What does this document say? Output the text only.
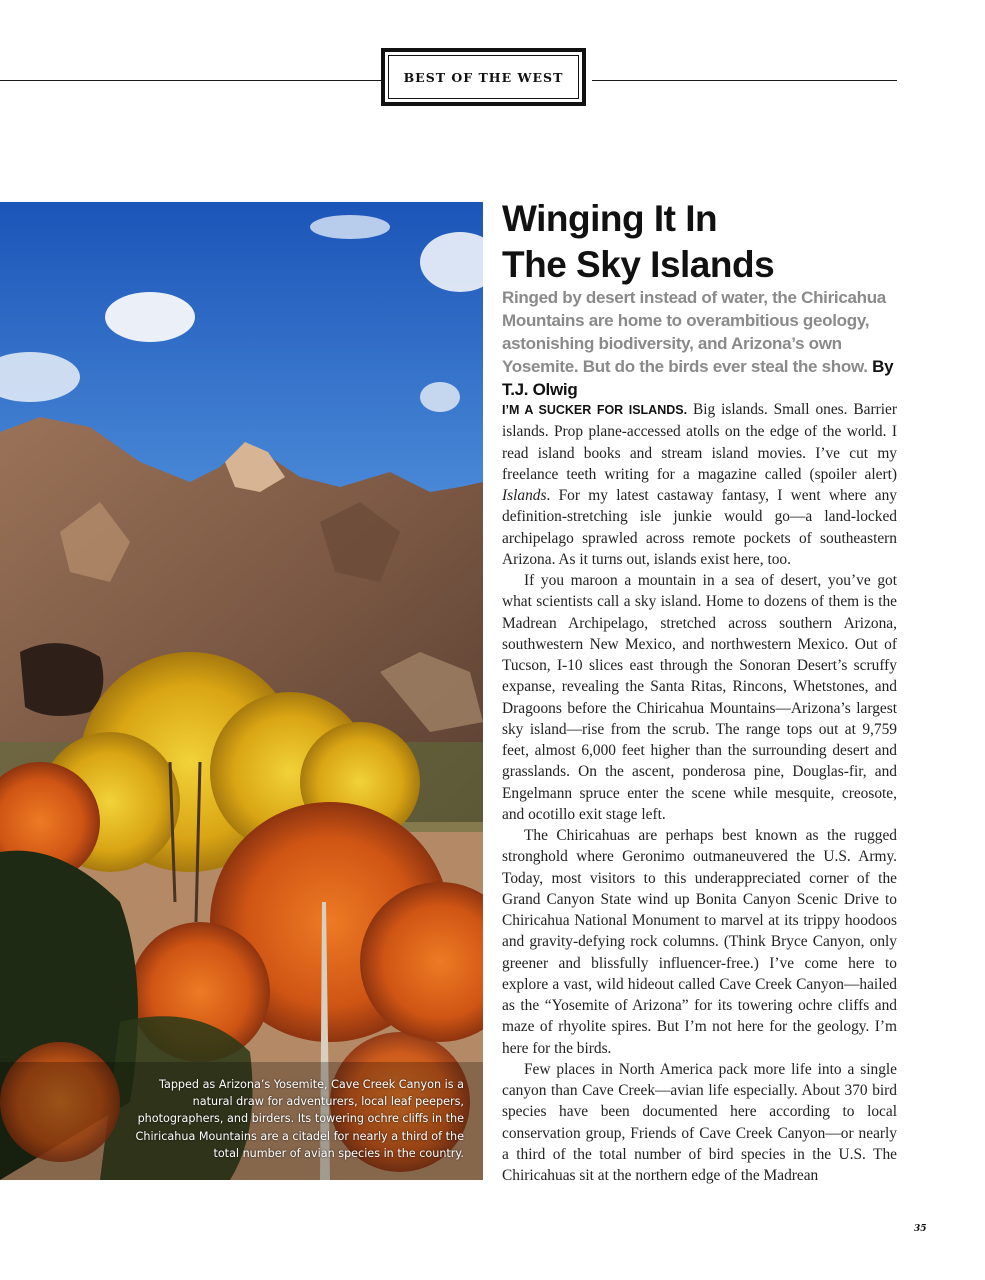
BEST OF THE WEST
Tapped as Arizona’s Yosemite, Cave Creek Canyon is a natural draw for adventurers, local leaf peepers, photographers, and birders. Its towering ochre cliffs in the Chiricahua Mountains are a citadel for nearly a third of the total number of avian species in the country.
Winging It In
The Sky Islands
Ringed by desert instead of water, the Chiricahua Mountains are home to overambitious geology, astonishing biodiversity, and Arizona’s own Yosemite. But do the birds ever steal the show. By T.J. Olwig

I’M A SUCKER FOR ISLANDS. Big islands. Small ones. Barrier islands. Prop plane-accessed atolls on the edge of the world. I read island books and stream island movies. I’ve cut my freelance teeth writing for a magazine called (spoiler alert) Islands. For my latest castaway fantasy, I went where any definition-stretching isle junkie would go—a land-locked archipelago sprawled across remote pockets of southeastern Arizona. As it turns out, islands exist here, too.

If you maroon a mountain in a sea of desert, you’ve got what scientists call a sky island. Home to dozens of them is the Madrean Archipelago, stretched across southern Arizona, southwestern New Mexico, and northwestern Mexico. Out of Tucson, I-10 slices east through the Sonoran Desert’s scruffy expanse, revealing the Santa Ritas, Rincons, Whetstones, and Dragoons before the Chiricahua Mountains—Arizona’s largest sky island—rise from the scrub. The range tops out at 9,759 feet, almost 6,000 feet higher than the surrounding desert and grasslands. On the ascent, ponderosa pine, Douglas-fir, and Engelmann spruce enter the scene while mesquite, creosote, and ocotillo exit stage left.

The Chiricahuas are perhaps best known as the rugged stronghold where Geronimo outmaneuvered the U.S. Army. Today, most visitors to this underappreciated corner of the Grand Canyon State wind up Bonita Canyon Scenic Drive to Chiricahua National Monument to marvel at its trippy hoodoos and gravity-defying rock columns. (Think Bryce Canyon, only greener and blissfully influencer-free.) I’ve come here to explore a vast, wild hideout called Cave Creek Canyon—hailed as the “Yosemite of Arizona” for its towering ochre cliffs and maze of rhyolite spires. But I’m not here for the geology. I’m here for the birds.

Few places in North America pack more life into a single canyon than Cave Creek—avian life especially. About 370 bird species have been documented here according to local conservation group, Friends of Cave Creek Canyon—or nearly a third of the total number of bird species in the U.S. The Chiricahuas sit at the northern edge of the Madrean

35
